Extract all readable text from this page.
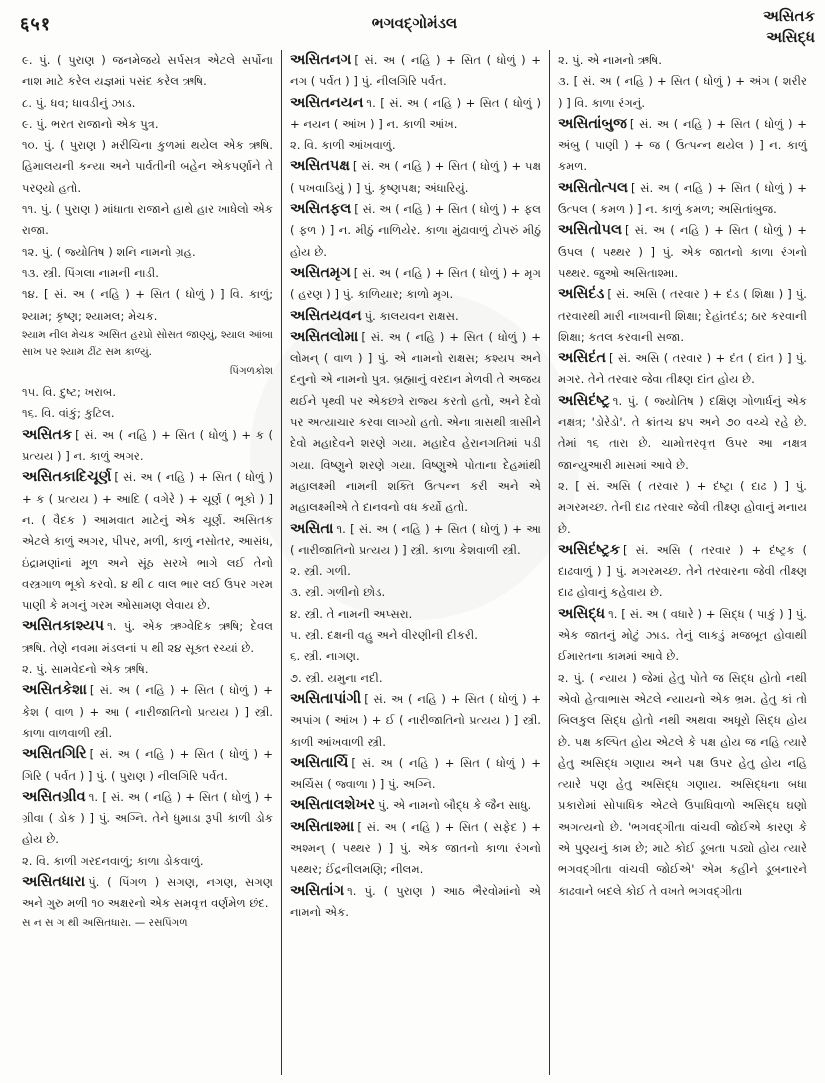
६५१	ભગવદ્ગોમંડલ	અસિતક
અસિદ્ધ

૯. પું. ( પુરાણ ) જનમેજયે સર્પસત્ર એટલે સર્પોના નાશ માટે કરેલ યજ્ઞમાં પસંદ કરેલ ઋષિ.

૮. પું. ધવ; ધાવડીનું ઝાડ.

૯. પું. ભરત રાજાનો એક પુત્ર.

૧૦. પું. ( પુરાણ ) મરીચિના કુળમાં થયેલ એક ઋષિ. હિમાલયની કન્યા અને પાર્વતીની બહેન એકપર્ણાને તે પરણ્યો હતો.

૧૧. પું. ( પુરાણ ) માંધાતા રાજાને હાથે હાર ખાધેલો એક રાજા.

૧૨. પું. ( જ્યોતિષ ) શનિ નામનો ગ્રહ.

૧૩. સ્ત્રી. પિંગલા નામની નાડી.

૧૪. [ સં. અ ( નહિ ) + સિત ( ધોળું ) ] વિ. કાળું; શ્યામ; કૃષ્ણ; શ્યામલ; મેચક.

શ્યામ નીલ મેચક અસિત હરપ્રો સોસત જાણ્યું, શ્યાલ આંબા સાખ પર શ્યામ ઢીંટ સમ કાળ્યું.

પિંગળકોશ

૧૫. વિ. દુષ્ટ; ખરાબ.

૧૬. વિ. વાંકું; કુટિલ.

અસિતક [ સં. અ ( નહિ ) + સિત ( ધોળું ) + ક ( પ્રત્યય ) ] ન. કાળું અગર.

અસિતકાદિચૂર્ણ [ સં. અ ( નહિ ) + સિત ( ધોળું ) + ક ( પ્રત્યય ) + આદિ ( વગેરે ) + ચૂર્ણ ( ભૂકો ) ] ન. ( વૈદક ) આમવાત માટેનું એક ચૂર્ણ. અસિતક એટલે કાળું અગર, પીપર, મળી, કાળું નસોતર, આસંધ, ઇંદ્રામણાંનાં મૂળ અને સૂંઠ સરખે ભાગે લઈ તેનો વસ્ત્રગાળ ભૂકો કરવો. ૪ થી ૮ વાલ ભાર લઈ ઉપર ગરમ પાણી કે મગનું ગરમ ઓસામણ લેવાય છે.

અસિતકાશ્યપ ૧. પું. એક ઋગ્વેદિક ઋષિ; દેવલ ઋષિ. તેણે નવમા મંડલનાં ૫ થી ૨૪ સૂક્ત રચ્યાં છે.

૨. પું. સામવેદનો એક ઋષિ.

અસિતકેશા [ સં. અ ( નહિ ) + સિત ( ધોળું ) + કેશ ( વાળ ) + આ ( નારીજાતિનો પ્રત્યય ) ] સ્ત્રી. કાળા વાળવાળી સ્ત્રી.

અસિતગિરિ [ સં. અ ( નહિ ) + સિત ( ધોળું ) + ગિરિ ( પર્વત ) ] પું. ( પુરાણ ) નીલગિરિ પર્વત.

અસિતગ્રીવ ૧. [ સં. અ ( નહિ ) + સિત ( ધોળું ) + ગ્રીવા ( ડોક ) ] પું. અગ્નિ. તેને ધુમાડા રૂપી કાળી ડોક હોય છે.

૨. વિ. કાળી ગરદનવાળું; કાળા ડોકવાળું.

અસિતધારા પું. ( પિંગળ ) સગણ, નગણ, સગણ અને ગુરુ મળી ૧૦ અક્ષરનો એક સમવૃત્ત વર્ણમેળ છંદ.

સ ન સ ગ થી અસિતધારા. — રસપિંગળ

અસિતનગ [ સં. અ ( નહિ ) + સિત ( ધોળું ) + નગ ( પર્વત ) ] પું. નીલગિરિ પર્વત.

અસિતનયન ૧. [ સં. અ ( નહિ ) + સિત ( ધોળું ) + નયન ( આંખ ) ] ન. કાળી આંખ.

૨. વિ. કાળી આંખવાળું.

અસિતપક્ષ [ સં. અ ( નહિ ) + સિત ( ધોળું ) + પક્ષ ( પખવાડિયું ) ] પું. કૃષ્ણપક્ષ; અંધારિયું.

અસિતફલ [ સં. અ ( નહિ ) + સિત ( ધોળું ) + ફલ ( ફળ ) ] ન. મીઠું નાળિયેર. કાળા મુંઢાવાળું ટોપરું મીઠું હોય છે.

અસિતમૃગ [ સં. અ ( નહિ ) + સિત ( ધોળું ) + મૃગ ( હરણ ) ] પું. કાળિયાર; કાળો મૃગ.

અસિતયવન પું. કાલયવન રાક્ષસ.

અસિતલોમા [ સં. અ ( નહિ ) + સિત ( ધોળું ) + લોમન્ ( વાળ ) ] પું. એ નામનો રાક્ષસ; કશ્યપ અને દનુનો એ નામનો પુત્ર. બ્રહ્માનું વરદાન મેળવી તે અજય થઈને પૃથ્વી પર એકછત્રે રાજ્ય કરતો હતો, અને દેવો પર અત્યાચાર કરવા લાગ્યો હતો. એના ત્રાસથી ત્રાસીને દેવો મહાદેવને શરણે ગયા. મહાદેવ હેરાનગતિમાં પડી ગયા. વિષ્ણુને શરણે ગયા. વિષ્ણુએ પોતાના દેહમાંથી મહાલક્ષ્મી નામની શક્તિ ઉત્પન્ન કરી અને એ મહાલક્ષ્મીએ તે દાનવનો વધ કર્યો હતો.

અસિતા ૧. [ સં. અ ( નહિ ) + સિત ( ધોળું ) + આ ( નારીજાતિનો પ્રત્યય ) ] સ્ત્રી. કાળા કેશવાળી સ્ત્રી.

૨. સ્ત્રી. ગળી.

૩. સ્ત્રી. ગળીનો છોડ.

૪. સ્ત્રી. તે નામની અપ્સરા.

૫. સ્ત્રી. દક્ષની વહુ અને વીરણીની દીકરી.

૬. સ્ત્રી. નાગણ.

૭. સ્ત્રી. યમુના નદી.

અસિતાપાંગી [ સં. અ ( નહિ ) + સિત ( ધોળું ) + અપાંગ ( આંખ ) + ઈ ( નારીજાતિનો પ્રત્યય ) ] સ્ત્રી. કાળી આંખવાળી સ્ત્રી.

અસિતાર્ચિ [ સં. અ ( નહિ ) + સિત ( ધોળું ) + અર્ચિસ ( જ્વાળા ) ] પું. અગ્નિ.

અસિતાલશેખર પું. એ નામનો બૌદ્ધ કે જૈન સાધુ.

અસિતાશ્મા [ સં. અ ( નહિ ) + સિત ( સફેદ ) + અશ્મન્ ( પથ્થર ) ] પું. એક જાતનો કાળા રંગનો પથ્થર; ઈંદ્રનીલમણિ; નીલમ.

અસિતાંગ ૧. પું. ( પુરાણ ) આઠ ભૈરવોમાંનો એ નામનો એક.

૨. પું. એ નામનો ઋષિ.

૩. [ સં. અ ( નહિ ) + સિત ( ધોળું ) + અંગ ( શરીર ) ] વિ. કાળા રંગનું.

અસિતાંબુજ [ સં. અ ( નહિ ) + સિત ( ધોળું ) + અંબુ ( પાણી ) + જ ( ઉત્પન્ન થયેલ ) ] ન. કાળું કમળ.

અસિતોત્પલ [ સં. અ ( નહિ ) + સિત ( ધોળું ) + ઉત્પલ ( કમળ ) ] ન. કાળું કમળ; અસિતાંબુજ.

અસિતોપલ [ સં. અ ( નહિ ) + સિત ( ધોળું ) + ઉપલ ( પથ્થર ) ] પું. એક જાતનો કાળા રંગનો પથ્થર. જુઓ અસિતાશ્મા.

અસિદંડ [ સં. અસિ ( તરવાર ) + દંડ ( શિક્ષા ) ] પું. તરવારથી મારી નાખવાની શિક્ષા; દેહાંતદંડ; ઠાર કરવાની શિક્ષા; કતલ કરવાની સજા.

અસિદંત [ સં. અસિ ( તરવાર ) + દંત ( દાંત ) ] પું. મગર. તેને તરવાર જેવા તીક્ષ્ણ દાંત હોય છે.

અસિદંષ્ટ્ર ૧. પું. ( જ્યોતિષ ) દક્ષિણ ગોળાર્ધનું એક નક્ષત્ર; 'ડોરેડો'. તે ક્રાંતચ ૪૫ અને ૭૦ વચ્ચે રહે છે. તેમાં ૧૬ તારા છે. ચામોત્તરવૃત્ત ઉપર આ નક્ષત્ર જાન્યુઆરી માસમાં આવે છે.

૨. [ સં. અસિ ( તરવાર ) + દંષ્ટ્રા ( દાઢ ) ] પું. મગરમચ્છ. તેની દાઢ તરવાર જેવી તીક્ષ્ણ હોવાનું મનાય છે.

અસિદંષ્ટ્રક [ સં. અસિ ( તરવાર ) + દંષ્ટ્રક ( દાઢવાળું ) ] પું. મગરમચ્છ. તેને તરવારના જેવી તીક્ષ્ણ દાઢ હોવાનું કહેવાય છે.

અસિદ્ધ ૧. [ સં. અ ( વધારે ) + સિદ્ધ ( પાકું ) ] પું. એક જાતનું મોટું ઝાડ. તેનું લાકડું મજબૂત હોવાથી ઈમારતના કામમાં આવે છે.

૨. પું. ( ન્યાય ) જેમાં હેતુ પોતે જ સિદ્ધ હોતો નથી એવો હેત્વાભાસ એટલે ન્યાયનો એક ભ્રમ. હેતુ કાં તો બિલકુલ સિદ્ધ હોતો નથી અથવા અધૂરો સિદ્ધ હોય છે. પક્ષ કલ્પિત હોય એટલે કે પક્ષ હોય જ નહિ ત્યારે હેતુ અસિદ્ધ ગણાય અને પક્ષ ઉપર હેતુ હોય નહિ ત્યારે પણ હેતુ અસિદ્ધ ગણાય. અસિદ્ધના બધા પ્રકારોમાં સોપાધિક એટલે ઉપાધિવાળો અસિદ્ધ ઘણો અગત્યનો છે. 'ભગવદ્ગીતા વાંચવી જોઈએ કારણ કે એ પુણ્યનું કામ છે; માટે કોઈ ડૂબતા પડ્યો હોય ત્યારે ભગવદ્ગીતા વાંચવી જોઈએ' એમ કહીને ડૂબનારને કાઢવાને બદલે કોઈ તે વખતે ભગવદ્ગીતા
